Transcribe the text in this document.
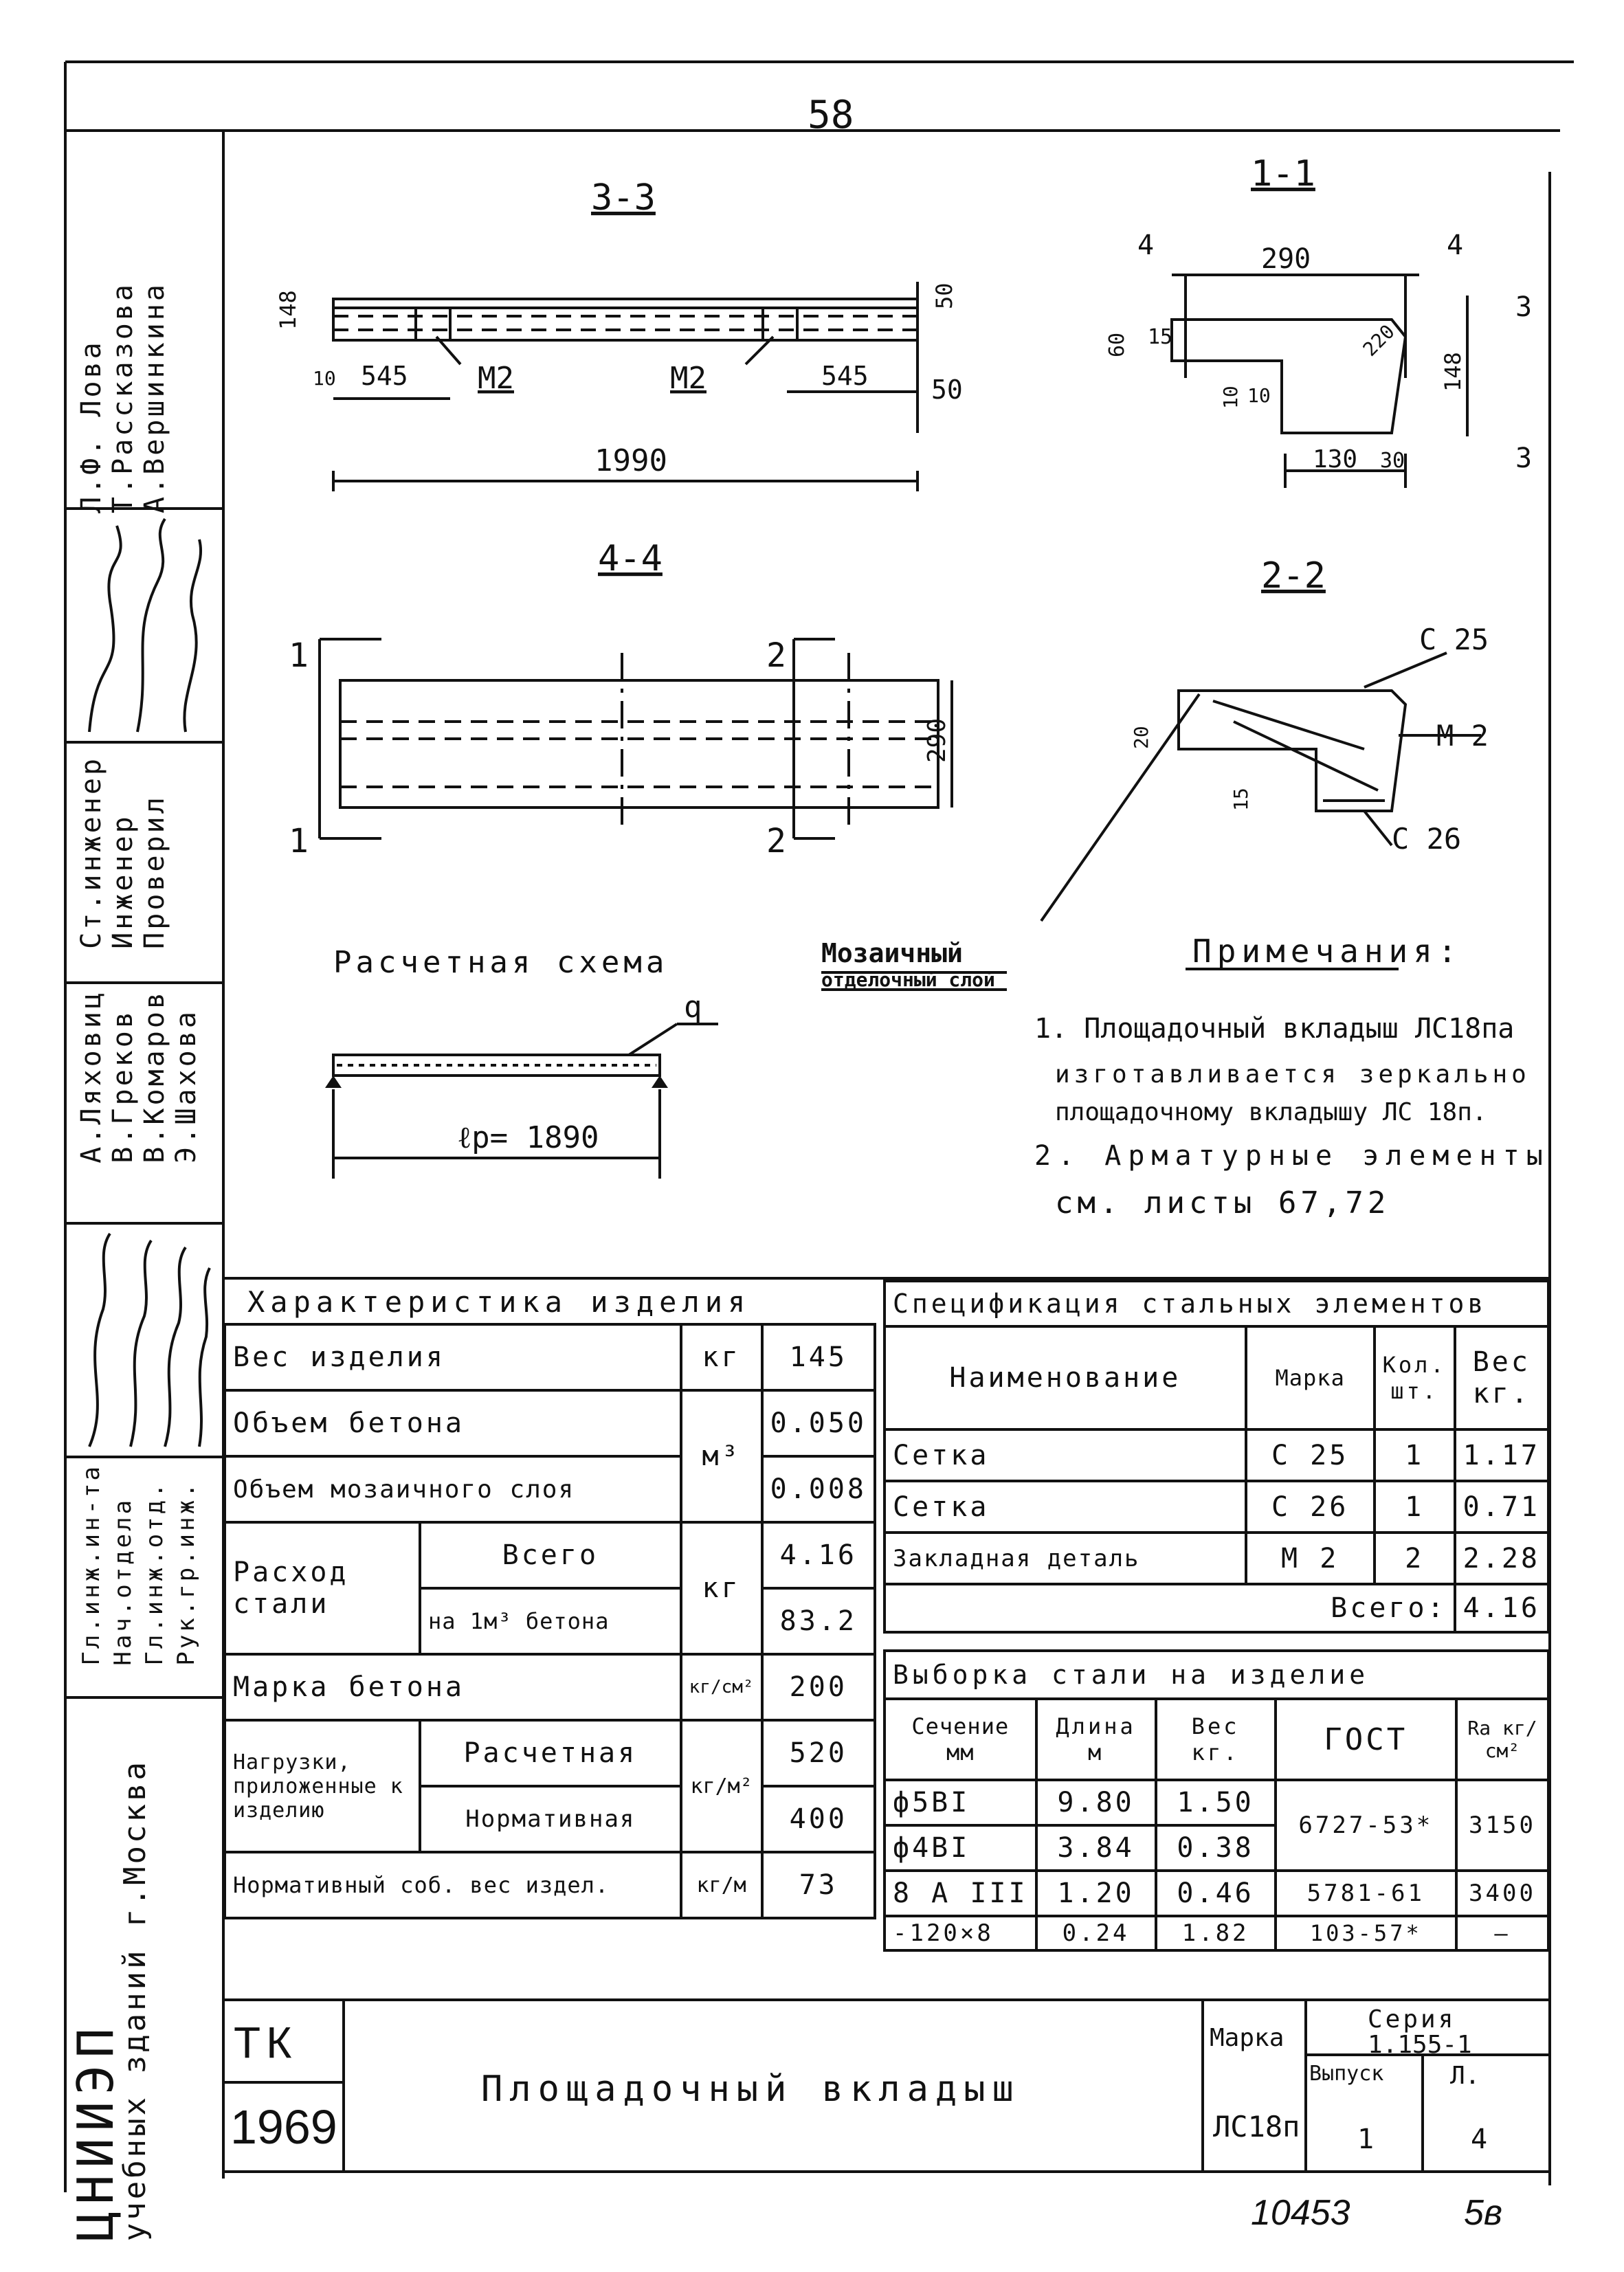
58
Л.Ф. Лова
Т.Рассказова
А.Вершинкина
Ст.инженер
Инженер
Проверил
А.Ляховиц
В.Греков
В.Комаров
Э.Шахова
Гл.инж.ин-та Нач.отдела Гл.инж.отд. Рук.гр.инж.
ЦНИИЭП
учебных зданий г.Москва
3-3
148	50
10	50
545	545
1990
М2	М2
1-1
4	4
3
3
290
60 15	220
10 10
148
130 30
4-4
1
1
2
2
290
2-2
20
15
С 25
М 2
С 26
Мозаичный
отделочный слой
Расчетная схема
q
ℓр= 1890
Примечания:
1. Площадочный вкладыш ЛС18па
изготавливается зеркально
площадочному вкладышу ЛС 18п.
2. Арматурные элементы
см. листы 67,72
Характеристика изделия
Вес изделия		кг	145
Объем бетона		м³	0.050
Объем мозаичного слоя			0.008
Расход стали	Всего	кг	4.16
	на 1м³ бетона		83.2
Марка бетона		кг/см²	200
Нагрузки, приложенные к изделию	Расчетная	кг/м²	520
	Нормативная		400
Нормативный соб. вес издел.		кг/м	73
Спецификация стальных элементов			
Наименование	Марка	Кол. шт.	Вес кг.
Сетка	С 25	1	1.17
Сетка	С 26	1	0.71
Закладная деталь	М 2	2	2.28
Всего:			4.16
Выборка стали на изделие				
Сечение мм	Длина м	Вес кг.	ГОСТ	Ra кг/см²
ф5ВI	9.80	1.50	6727-53*	3150
ф4ВI	3.84	0.38		
8 А III	1.20	0.46	5781-61	3400
-120×8	0.24	1.82	103-57*	—
ТК
1969
Площадочный вкладыш
Марка
ЛС18п
Серия
1.155-1
Выпуск
1
Л.
4
10453	5в
